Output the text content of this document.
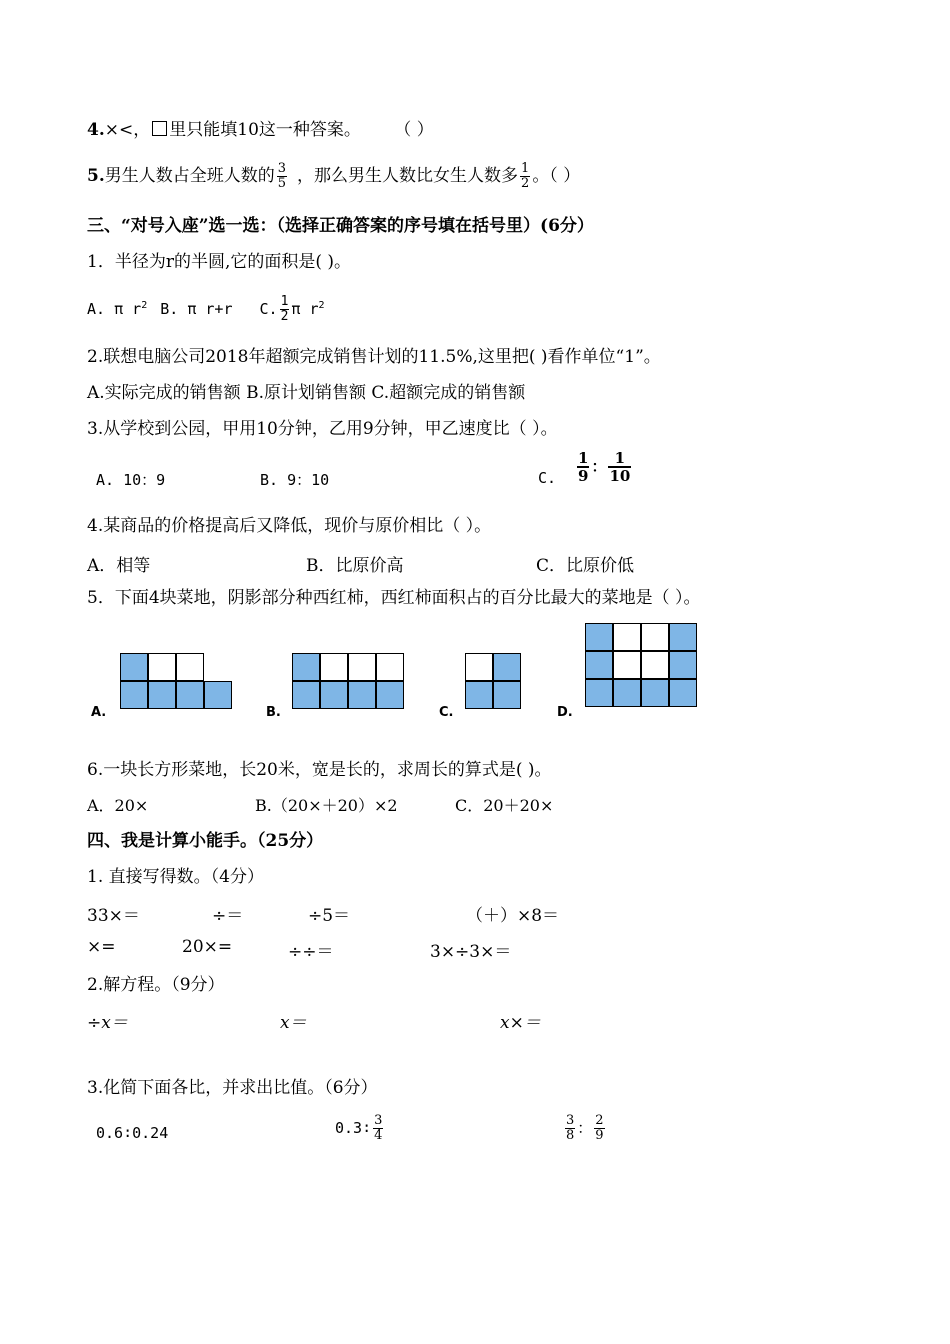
4.×<， 里只能填10这一种答案。 （ ）
5.男生人数占全班人数的 $\frac{3}{5}$ ，那么男生人数比女生人数多 $\frac{1}{2}$ 。（ ）
三、“对号入座”选一选：（选择正确答案的序号填在括号里）(6分）
1．半径为r的半圆,它的面积是( )。
A. π $r^2$ B. π r+r C. $\frac{1}{2}$ π $r^2$
2.联想电脑公司2018年超额完成销售计划的11.5%,这里把( )看作单位“1”。
A.实际完成的销售额 B.原计划销售额 C.超额完成的销售额
3.从学校到公园，甲用10分钟，乙用9分钟，甲乙速度比（ ）。
A. 10：9	B. 9：10	C. $\frac{1}{9}$ ： $\frac{1}{10}$
4.某商品的价格提高后又降低，现价与原价相比（ ）。
A．相等	B．比原价高	C．比原价低
5．下面4块菜地，阴影部分种西红柿，西红柿面积占的百分比最大的菜地是（ ）。
A.	B.	C.	D.
6.一块长方形菜地，长20米，宽是长的，求周长的算式是( )。
A．20×	B.（20×＋20）×2	C．20＋20×
四、我是计算小能手。（25分）
1. 直接写得数。（4分）
33×＝	÷＝	÷5＝	（＋）×8＝
×=	20×=	÷÷＝	3×÷3×＝
2.解方程。（9分）
÷x＝	x＝	x×＝
3.化简下面各比，并求出比值。（6分）
0.6∶0.24	0.3∶ $\frac{3}{4}$	$\frac{3}{8}$ ： $\frac{2}{9}$
